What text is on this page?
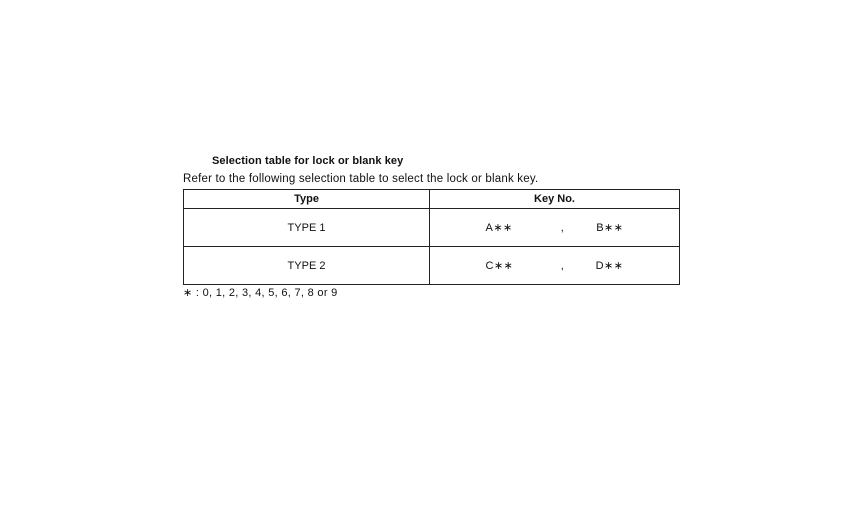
Selection table for lock or blank key

Refer to the following selection table to select the lock or blank key.

Type	Key No.
TYPE 1	A∗∗ , B∗∗

TYPE 2	C∗∗ , D∗∗

∗ : 0, 1, 2, 3, 4, 5, 6, 7, 8 or 9
